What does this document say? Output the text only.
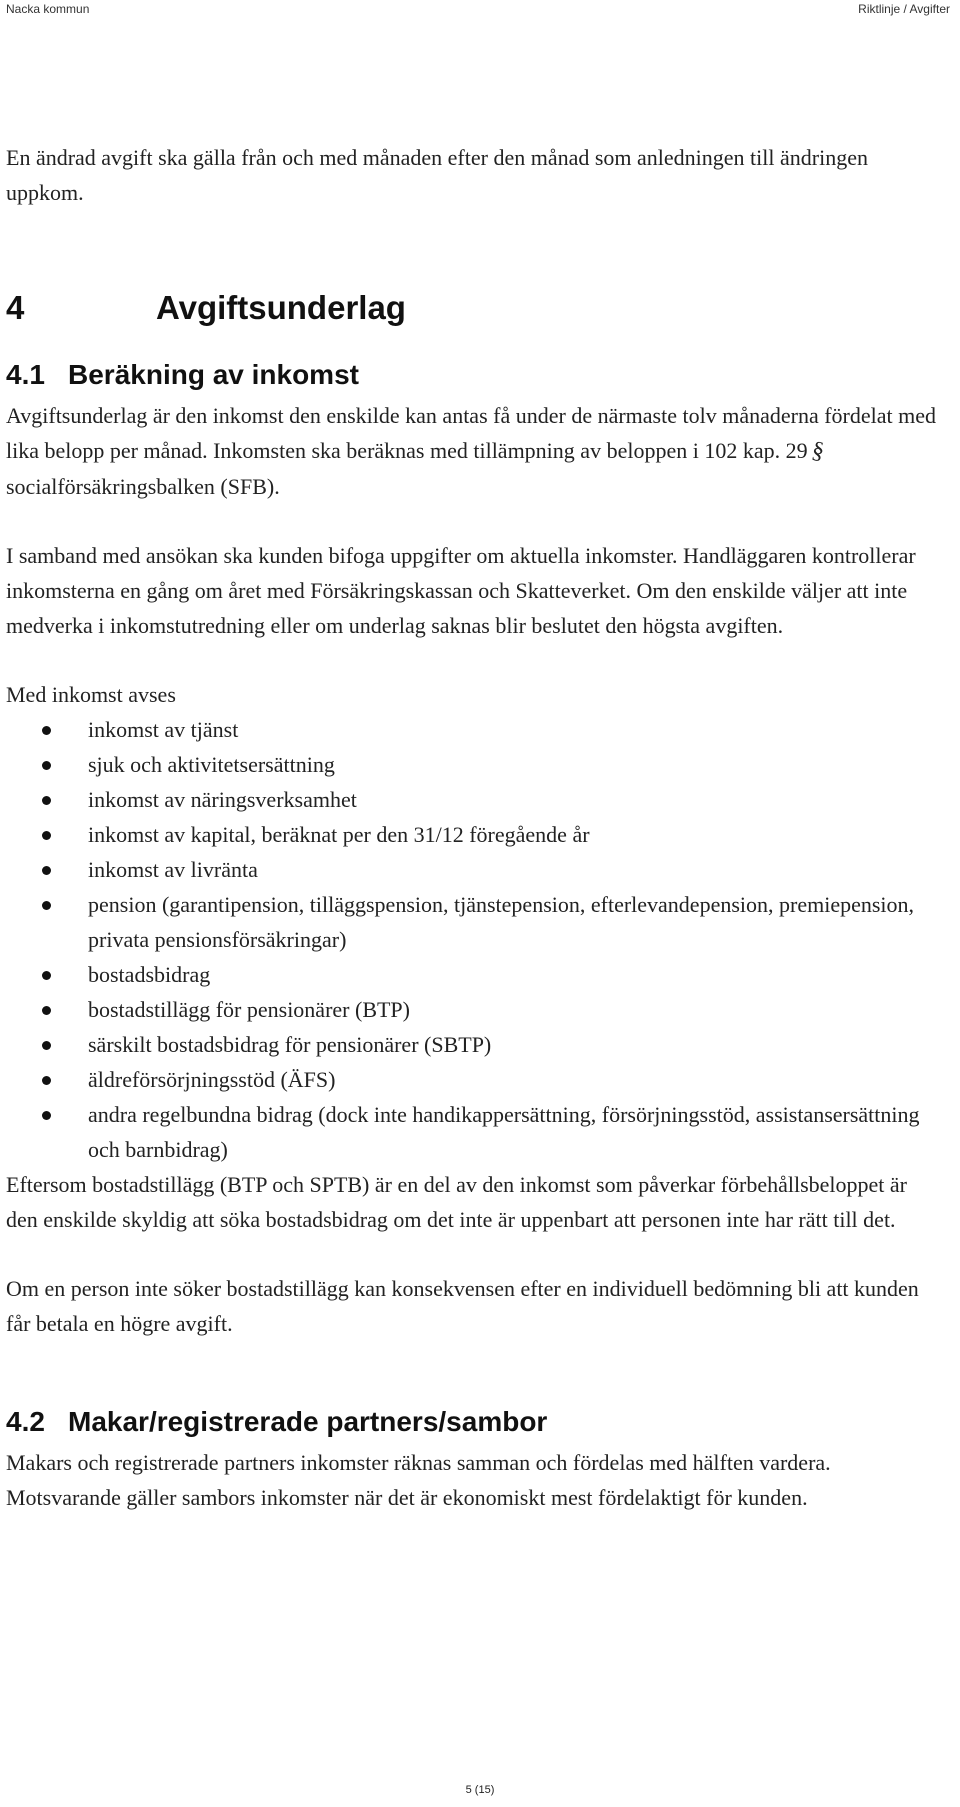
Nacka kommun	Riktlinje / Avgifter

En ändrad avgift ska gälla från och med månaden efter den månad som anledningen till ändringen uppkom.

4	Avgiftsunderlag
4.1 Beräkning av inkomst

Avgiftsunderlag är den inkomst den enskilde kan antas få under de närmaste tolv månaderna fördelat med lika belopp per månad. Inkomsten ska beräknas med tillämpning av beloppen i 102 kap. 29§socialförsäkringsbalken (SFB).

I samband med ansökan ska kunden bifoga uppgifter om aktuella inkomster. Handläggaren kontrollerar inkomsterna en gång om året med Försäkringskassan och Skatteverket. Om den enskilde väljer att inte medverka i inkomstutredning eller om underlag saknas blir beslutet den högsta avgiften.

Med inkomst avses

inkomst av tjänst
sjuk och aktivitetsersättning
inkomst av näringsverksamhet
inkomst av kapital, beräknat per den 31/12 föregående år
inkomst av livränta
pension (garantipension, tilläggspension, tjänstepension, efterlevandepension, premiepension, privata pensionsförsäkringar)
bostadsbidrag
bostadstillägg för pensionärer (BTP)
särskilt bostadsbidrag för pensionärer (SBTP)
äldreförsörjningsstöd (ÄFS)
andra regelbundna bidrag (dock inte handikappersättning, försörjningsstöd, assistansersättning och barnbidrag)

Eftersom bostadstillägg (BTP och SPTB) är en del av den inkomst som påverkar förbehållsbeloppet är den enskilde skyldig att söka bostadsbidrag om det inte är uppenbart att personen inte har rätt till det.

Om en person inte söker bostadstillägg kan konsekvensen efter en individuell bedömning bli att kunden får betala en högre avgift.

4.2 Makar/registrerade partners/sambor

Makars och registrerade partners inkomster räknas samman och fördelas med hälften vardera. Motsvarande gäller sambors inkomster när det är ekonomiskt mest fördelaktigt för kunden.

5 (15)
